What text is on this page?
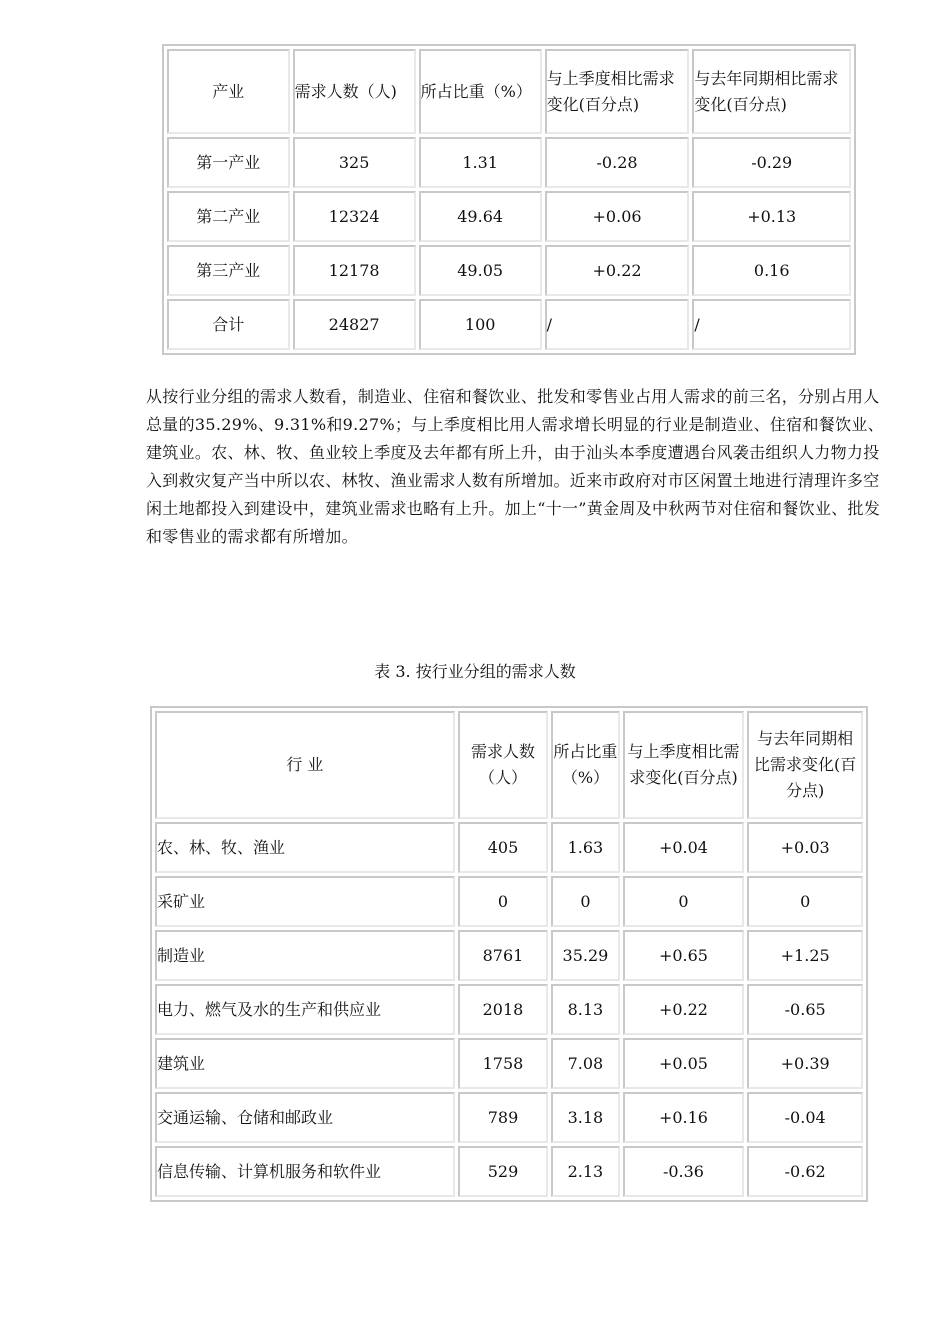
产业	需求人数（人)	所占比重（%）	与上季度相比需求变化(百分点)	与去年同期相比需求变化(百分点)
第一产业	325	1.31	-0.28	-0.29
第二产业	12324	49.64	+0.06	+0.13
第三产业	12178	49.05	+0.22	0.16
合计	24827	100	/	/

从按行业分组的需求人数看，制造业、住宿和餐饮业、批发和零售业占用人需求的前三名，分别占用人总量的35.29%、9.31%和9.27%；与上季度相比用人需求增长明显的行业是制造业、住宿和餐饮业、建筑业。农、林、牧、鱼业较上季度及去年都有所上升，由于汕头本季度遭遇台风袭击组织人力物力投入到救灾复产当中所以农、林牧、渔业需求人数有所增加。近来市政府对市区闲置土地进行清理许多空闲土地都投入到建设中，建筑业需求也略有上升。加上“十一”黄金周及中秋两节对住宿和餐饮业、批发和零售业的需求都有所增加。

表 3. 按行业分组的需求人数
行 业	需求人数（人）	所占比重（%）	与上季度相比需求变化(百分点)	与去年同期相比需求变化(百分点)
农、林、牧、渔业	405	1.63	+0.04	+0.03
采矿业	0	0	0	0
制造业	8761	35.29	+0.65	+1.25
电力、燃气及水的生产和供应业	2018	8.13	+0.22	-0.65
建筑业	1758	7.08	+0.05	+0.39
交通运输、仓储和邮政业	789	3.18	+0.16	-0.04
信息传输、计算机服务和软件业	529	2.13	-0.36	-0.62
